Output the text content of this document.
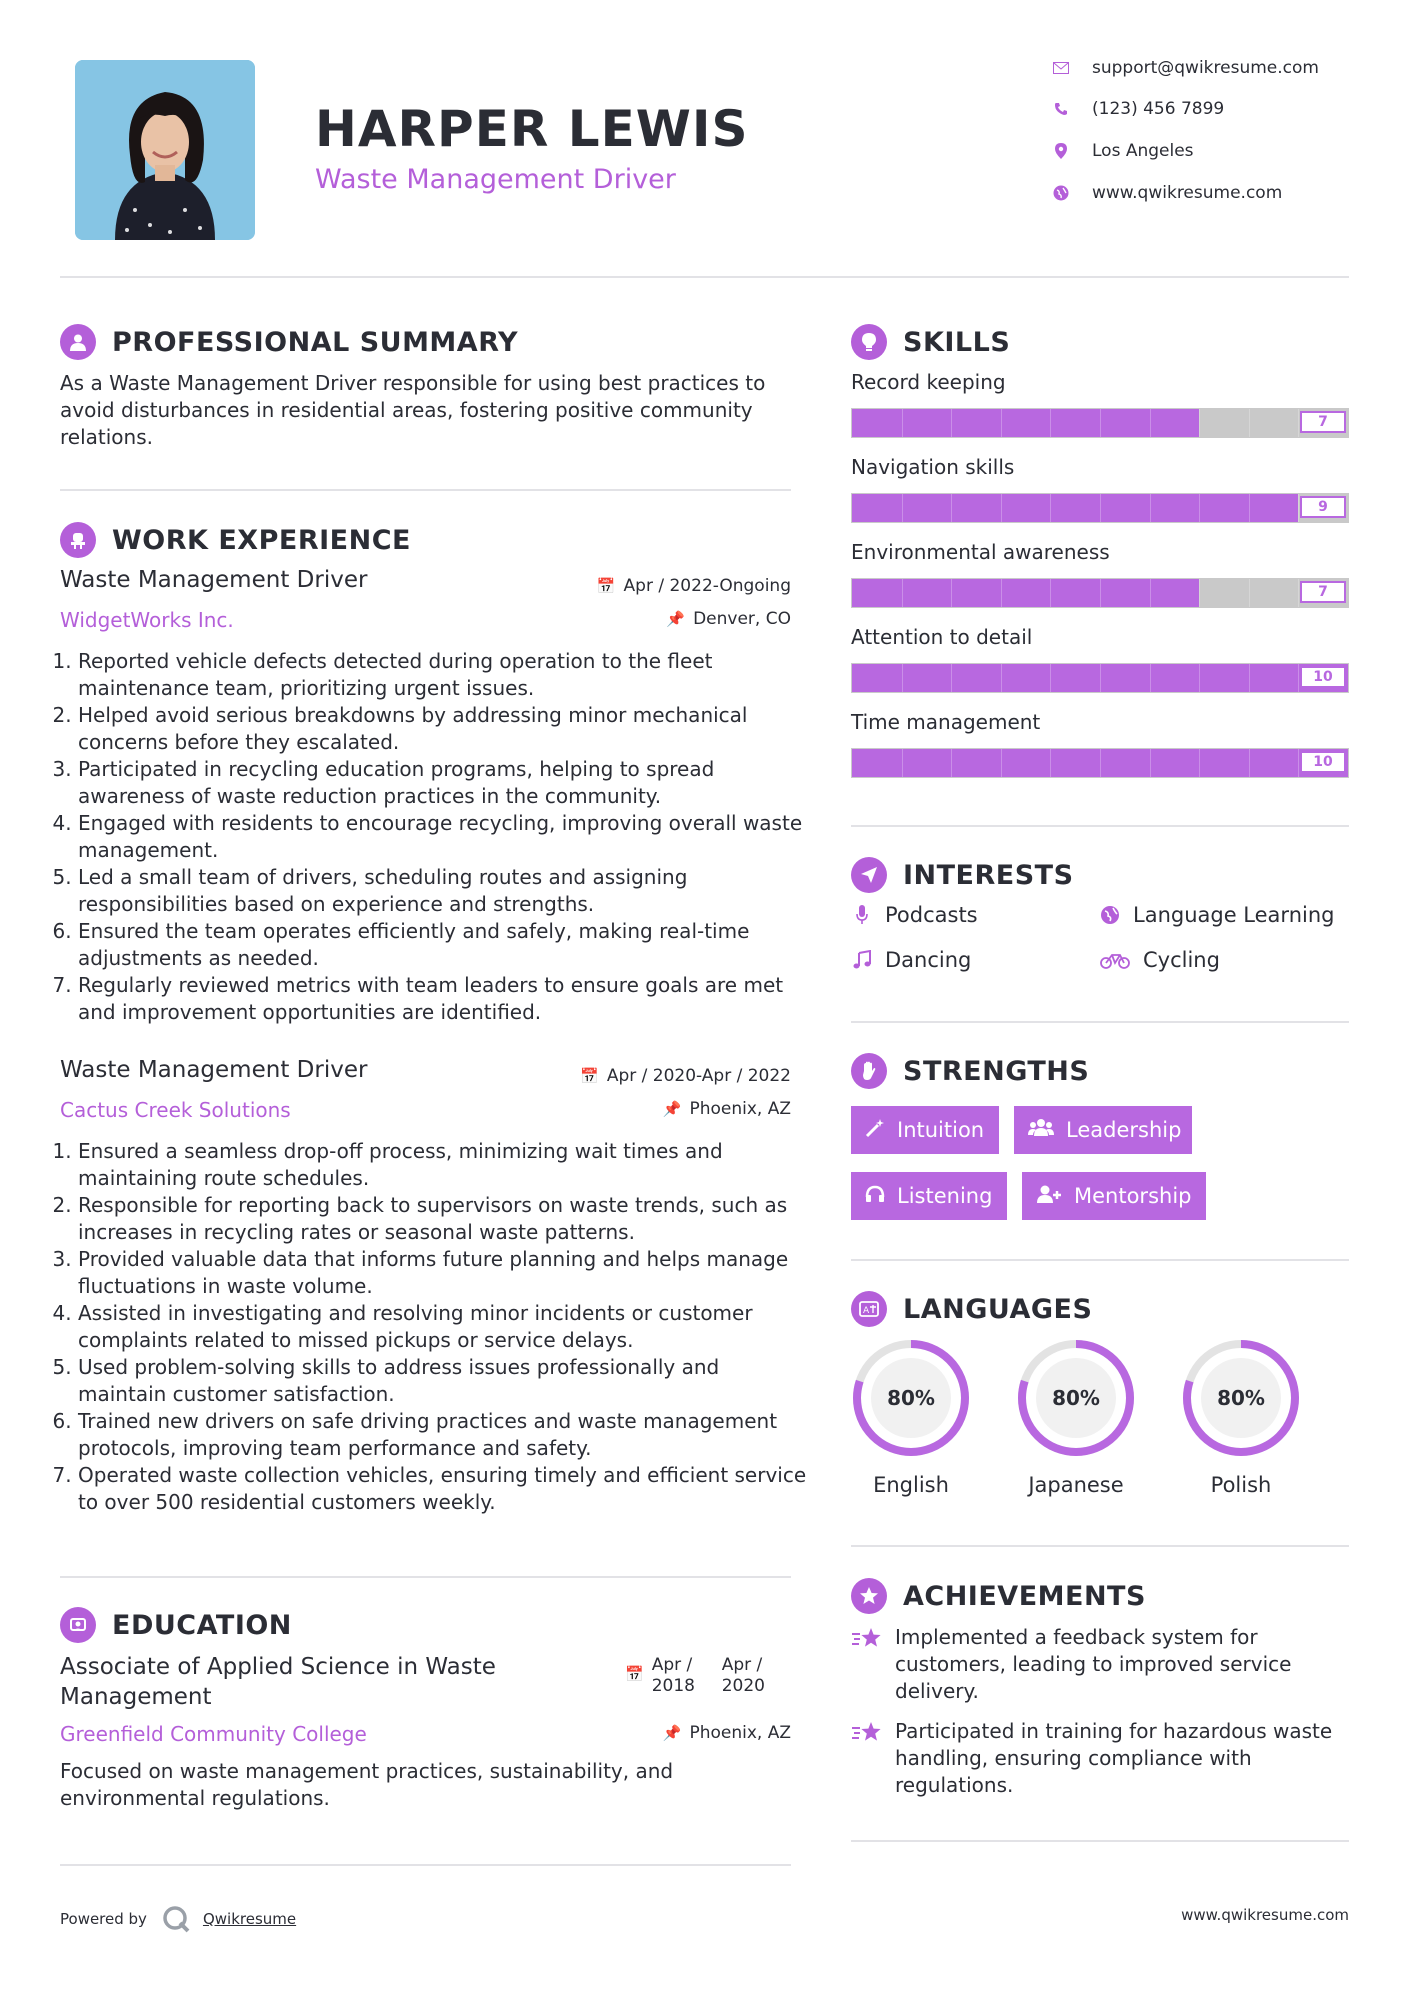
HARPER LEWIS
Waste Management Driver
support@qwikresume.com
(123) 456 7899
Los Angeles
www.qwikresume.com
PROFESSIONAL SUMMARY
As a Waste Management Driver responsible for using best practices to avoid disturbances in residential areas, fostering positive community relations.
WORK EXPERIENCE
Waste Management Driver	📅 Apr / 2022-Ongoing
WidgetWorks Inc.	📌 Denver, CO
1. Reported vehicle defects detected during operation to the fleet maintenance team, prioritizing urgent issues.
2. Helped avoid serious breakdowns by addressing minor mechanical concerns before they escalated.
3. Participated in recycling education programs, helping to spread awareness of waste reduction practices in the community.
4. Engaged with residents to encourage recycling, improving overall waste management.
5. Led a small team of drivers, scheduling routes and assigning responsibilities based on experience and strengths.
6. Ensured the team operates efficiently and safely, making real-time adjustments as needed.
7. Regularly reviewed metrics with team leaders to ensure goals are met and improvement opportunities are identified.
Waste Management Driver	📅 Apr / 2020-Apr / 2022
Cactus Creek Solutions	📌 Phoenix, AZ
1. Ensured a seamless drop-off process, minimizing wait times and maintaining route schedules.
2. Responsible for reporting back to supervisors on waste trends, such as increases in recycling rates or seasonal waste patterns.
3. Provided valuable data that informs future planning and helps manage fluctuations in waste volume.
4. Assisted in investigating and resolving minor incidents or customer complaints related to missed pickups or service delays.
5. Used problem-solving skills to address issues professionally and maintain customer satisfaction.
6. Trained new drivers on safe driving practices and waste management protocols, improving team performance and safety.
7. Operated waste collection vehicles, ensuring timely and efficient service to over 500 residential customers weekly.
EDUCATION
Associate of Applied Science in Waste Management
📅 Apr / 2018
Apr / 2020
Greenfield Community College	📌 Phoenix, AZ
Focused on waste management practices, sustainability, and environmental regulations.
SKILLS
Record keeping
7
Navigation skills
9
Environmental awareness
7
Attention to detail
10
Time management
10
INTERESTS
Podcasts	Language Learning
Dancing	Cycling
STRENGTHS
Intuition	Leadership
Listening	Mentorship
A LANGUAGES
80%
English
80%
Japanese
80%
Polish
ACHIEVEMENTS
Implemented a feedback system for customers, leading to improved service delivery.
Participated in training for hazardous waste handling, ensuring compliance with regulations.
Powered by	Qwikresume	www.qwikresume.com
